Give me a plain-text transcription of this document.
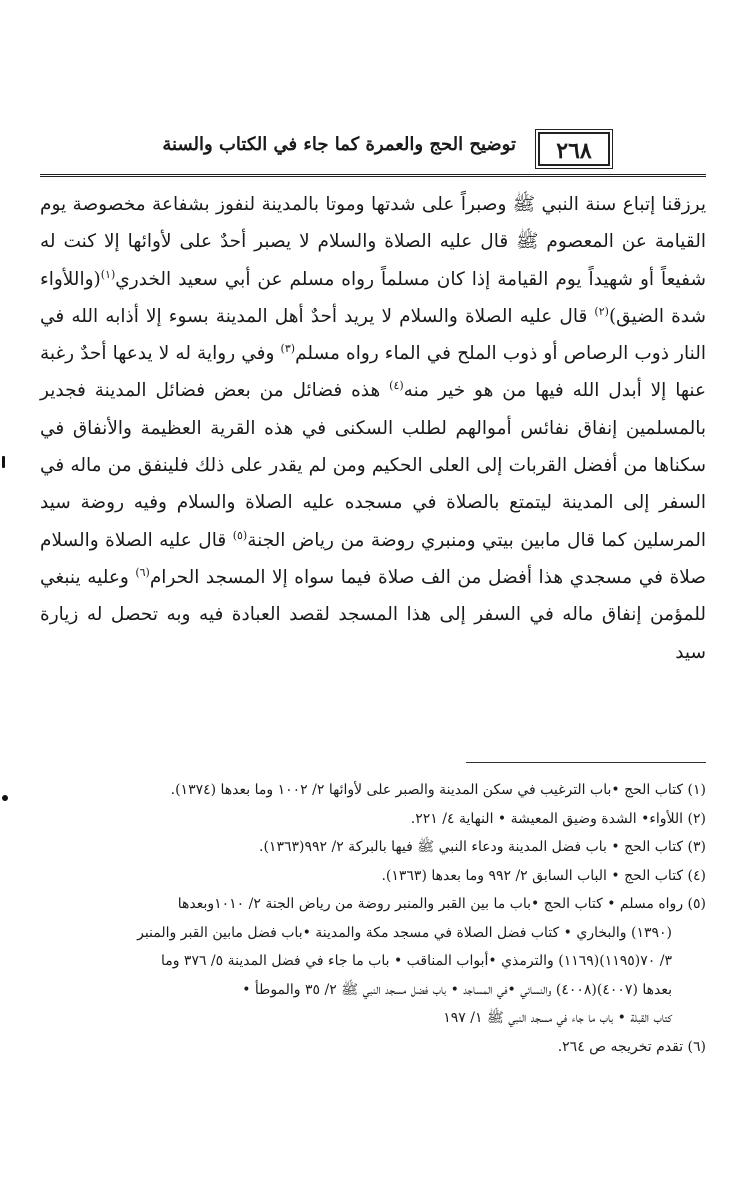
٢٦٨
توضيح الحج والعمرة كما جاء في الكتاب والسنة

يرزقنا إتباع سنة النبي ﷺ وصبراً على شدتها وموتا بالمدينة لنفوز بشفاعة مخصوصة يوم القيامة عن المعصوم ﷺ قال عليه الصلاة والسلام لا يصبر أحدٌ على لأوائها إلا كنت له شفيعاً أو شهيداً يوم القيامة إذا كان مسلماً رواه مسلم عن أبي سعيد الخدري$^{(١)}$(واللأواء شدة الضيق)$^{(٢)}$ قال عليه الصلاة والسلام لا يريد أحدٌ أهل المدينة بسوء إلا أذابه الله في النار ذوب الرصاص أو ذوب الملح في الماء رواه مسلم$^{(٣)}$ وفي رواية له لا يدعها أحدٌ رغبة عنها إلا أبدل الله فيها من هو خير منه$^{(٤)}$ هذه فضائل من بعض فضائل المدينة فجدير بالمسلمين إنفاق نفائس أموالهم لطلب السكنى في هذه القرية العظيمة والأنفاق في سكناها من أفضل القربات إلى العلى الحكيم ومن لم يقدر على ذلك فلينفق من ماله في السفر إلى المدينة ليتمتع بالصلاة في مسجده عليه الصلاة والسلام وفيه روضة سيد المرسلين كما قال مابين بيتي ومنبري روضة من رياض الجنة$^{(٥)}$ قال عليه الصلاة والسلام صلاة في مسجدي هذا أفضل من الف صلاة فيما سواه إلا المسجد الحرام$^{(٦)}$ وعليه ينبغي للمؤمن إنفاق ماله في السفر إلى هذا المسجد لقصد العبادة فيه وبه تحصل له زيارة سيد

(١) كتاب الحج •باب الترغيب في سكن المدينة والصبر على لأوائها ٢/ ١٠٠٢ وما بعدها (١٣٧٤).

(٢) اللأواء• الشدة وضيق المعيشة • النهاية ٤/ ٢٢١.

(٣) كتاب الحج • باب فضل المدينة ودعاء النبي ﷺ فيها بالبركة ٢/ ٩٩٢(١٣٦٣).

(٤) كتاب الحج • الباب السابق ٢/ ٩٩٢ وما بعدها (١٣٦٣).

(٥) رواه مسلم • كتاب الحج •باب ما بين القبر والمنبر روضة من رياض الجنة ٢/ ١٠١٠وبعدها

(١٣٩٠) والبخاري • كتاب فضل الصلاة في مسجد مكة والمدينة •باب فضل مابين القبر والمنبر

٣/ ٧٠(١١٩٥)(١١٦٩) والترمذي •أبواب المناقب • باب ما جاء في فضل المدينة ٥/ ٣٧٦ وما

بعدها (٤٠٠٧)(٤٠٠٨) والنسائي •في المساجد • باب فضل مسجد النبي ﷺ ٢/ ٣٥ والموطأ •

كتاب القبلة • باب ما جاء في مسجد النبي ﷺ ١/ ١٩٧

(٦) تقدم تخريجه ص ٢٦٤.
